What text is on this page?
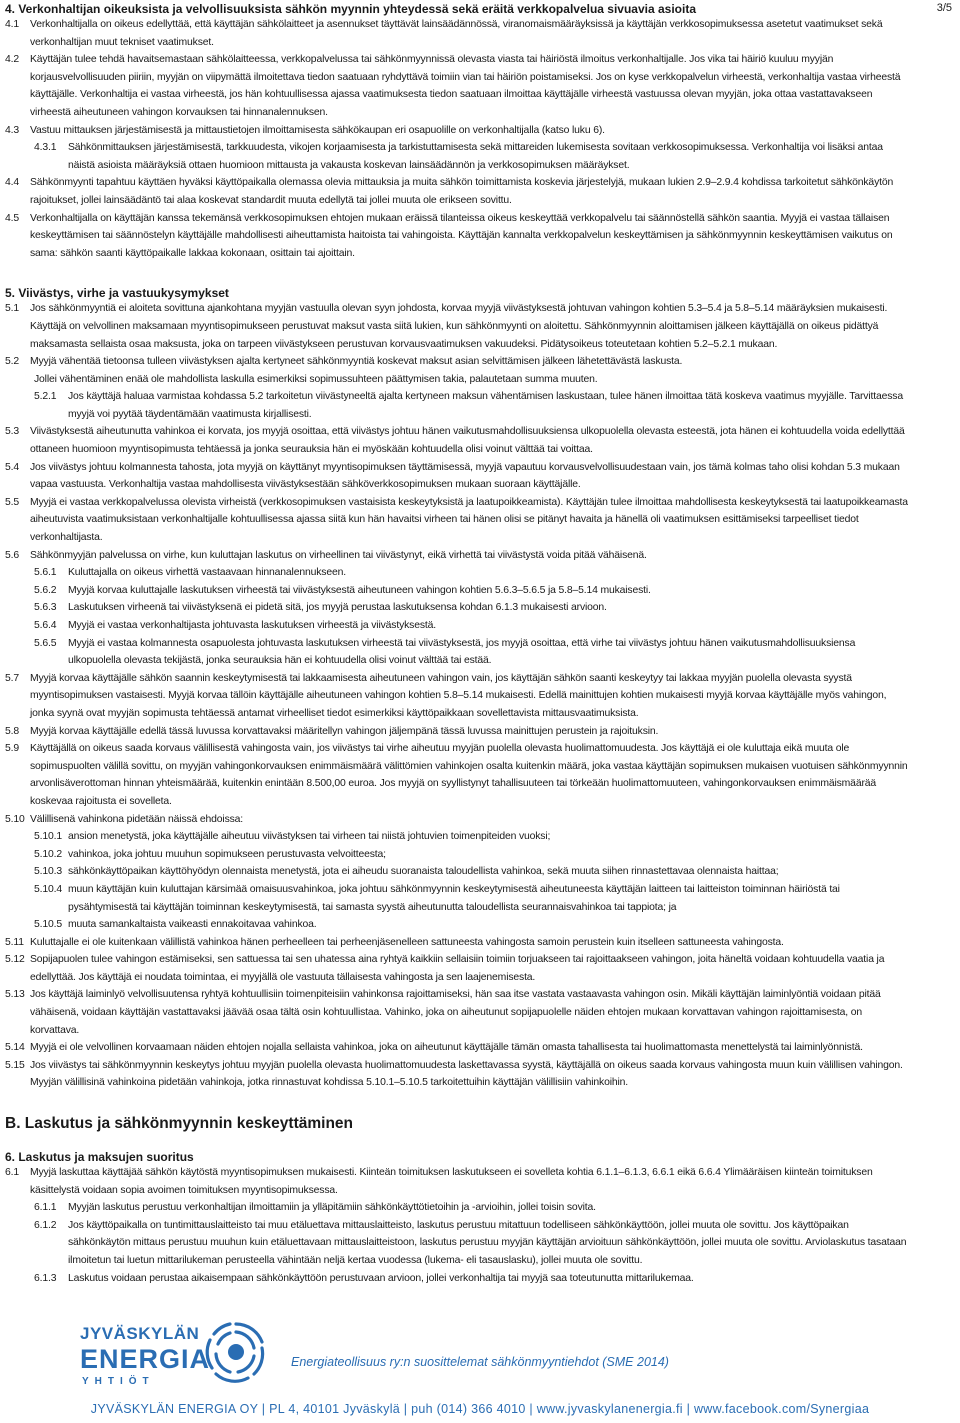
3/5
4. Verkonhaltijan oikeuksista ja velvollisuuksista sähkön myynnin yhteydessä sekä eräitä verkkopalvelua sivuavia asioita
4.1	Verkonhaltijalla on oikeus edellyttää, että käyttäjän sähkölaitteet ja asennukset täyttävät lainsäädännössä, viranomaismääräyksissä ja käyttäjän verkkosopimuksessa asetetut vaatimukset sekä verkonhaltijan muut tekniset vaatimukset.
4.2	Käyttäjän tulee tehdä havaitsemastaan sähkölaitteessa, verkkopalvelussa tai sähkönmyynnissä olevasta viasta tai häiriöstä ilmoitus verkonhaltijalle. Jos vika tai häiriö kuuluu myyjän korjausvelvollisuuden piiriin, myyjän on viipymättä ilmoitettava tiedon saatuaan ryhdyttävä toimiin vian tai häiriön poistamiseksi. Jos on kyse verkkopalvelun virheestä, verkonhaltija vastaa virheestä käyttäjälle. Verkonhaltija ei vastaa virheestä, jos hän kohtuullisessa ajassa vaatimuksesta tiedon saatuaan ilmoittaa käyttäjälle virheestä vastuussa olevan myyjän, joka ottaa vastattavakseen virheestä aiheutuneen vahingon korvauksen tai hinnanalennuksen.
4.3	Vastuu mittauksen järjestämisestä ja mittaustietojen ilmoittamisesta sähkökaupan eri osapuolille on verkonhaltijalla (katso luku 6).
4.3.1	Sähkönmittauksen järjestämisestä, tarkkuudesta, vikojen korjaamisesta ja tarkistuttamisesta sekä mittareiden lukemisesta sovitaan verkkosopimuksessa. Verkonhaltija voi lisäksi antaa näistä asioista määräyksiä ottaen huomioon mittausta ja vakausta koskevan lainsäädännön ja verkkosopimuksen määräykset.
4.4	Sähkönmyynti tapahtuu käyttäen hyväksi käyttöpaikalla olemassa olevia mittauksia ja muita sähkön toimittamista koskevia järjestelyjä, mukaan lukien 2.9–2.9.4 kohdissa tarkoitetut sähkönkäytön rajoitukset, jollei lainsäädäntö tai alaa koskevat standardit muuta edellytä tai jollei muuta ole erikseen sovittu.
4.5	Verkonhaltijalla on käyttäjän kanssa tekemänsä verkkosopimuksen ehtojen mukaan eräissä tilanteissa oikeus keskeyttää verkkopalvelu tai säännöstellä sähkön saantia. Myyjä ei vastaa tällaisen keskeyttämisen tai säännöstelyn käyttäjälle mahdollisesti aiheuttamista haitoista tai vahingoista. Käyttäjän kannalta verkkopalvelun keskeyttämisen ja sähkönmyynnin keskeyttämisen vaikutus on sama: sähkön saanti käyttöpaikalle lakkaa kokonaan, osittain tai ajoittain.
5. Viivästys, virhe ja vastuukysymykset
5.1	Jos sähkönmyyntiä ei aloiteta sovittuna ajankohtana myyjän vastuulla olevan syyn johdosta, korvaa myyjä viivästyksestä johtuvan vahingon kohtien 5.3–5.4 ja 5.8–5.14 määräyksien mukaisesti. Käyttäjä on velvollinen maksamaan myyntisopimukseen perustuvat maksut vasta siitä lukien, kun sähkönmyynti on aloitettu. Sähkönmyynnin aloittamisen jälkeen käyttäjällä on oikeus pidättyä maksamasta sellaista osaa maksusta, joka on tarpeen viivästykseen perustuvan korvausvaatimuksen vakuudeksi. Pidätysoikeus toteutetaan kohtien 5.2–5.2.1 mukaan.
5.2	Myyjä vähentää tietoonsa tulleen viivästyksen ajalta kertyneet sähkönmyyntiä koskevat maksut asian selvittämisen jälkeen lähetettävästä laskusta.
Jollei vähentäminen enää ole mahdollista laskulla esimerkiksi sopimussuhteen päättymisen takia, palautetaan summa muuten.
5.2.1	Jos käyttäjä haluaa varmistaa kohdassa 5.2 tarkoitetun viivästyneeltä ajalta kertyneen maksun vähentämisen laskustaan, tulee hänen ilmoittaa tätä koskeva vaatimus myyjälle. Tarvittaessa myyjä voi pyytää täydentämään vaatimusta kirjallisesti.
5.3	Viivästyksestä aiheutunutta vahinkoa ei korvata, jos myyjä osoittaa, että viivästys johtuu hänen vaikutusmahdollisuuksiensa ulkopuolella olevasta esteestä, jota hänen ei kohtuudella voida edellyttää ottaneen huomioon myyntisopimusta tehtäessä ja jonka seurauksia hän ei myöskään kohtuudella olisi voinut välttää tai voittaa.
5.4	Jos viivästys johtuu kolmannesta tahosta, jota myyjä on käyttänyt myyntisopimuksen täyttämisessä, myyjä vapautuu korvausvelvollisuudestaan vain, jos tämä kolmas taho olisi kohdan 5.3 mukaan vapaa vastuusta. Verkonhaltija vastaa mahdollisesta viivästyksestään sähköverkkosopimuksen mukaan suoraan käyttäjälle.
5.5	Myyjä ei vastaa verkkopalvelussa olevista virheistä (verkkosopimuksen vastaisista keskeytyksistä ja laatupoikkeamista). Käyttäjän tulee ilmoittaa mahdollisesta keskeytyksestä tai laatupoikkeamasta aiheutuvista vaatimuksistaan verkonhaltijalle kohtuullisessa ajassa siitä kun hän havaitsi virheen tai hänen olisi se pitänyt havaita ja hänellä oli vaatimuksen esittämiseksi tarpeelliset tiedot verkonhaltijasta.
5.6	Sähkönmyyjän palvelussa on virhe, kun kuluttajan laskutus on virheellinen tai viivästynyt, eikä virhettä tai viivästystä voida pitää vähäisenä.
5.6.1	Kuluttajalla on oikeus virhettä vastaavaan hinnanalennukseen.
5.6.2	Myyjä korvaa kuluttajalle laskutuksen virheestä tai viivästyksestä aiheutuneen vahingon kohtien 5.6.3–5.6.5 ja 5.8–5.14 mukaisesti.
5.6.3	Laskutuksen virheenä tai viivästyksenä ei pidetä sitä, jos myyjä perustaa laskutuksensa kohdan 6.1.3 mukaisesti arvioon.
5.6.4	Myyjä ei vastaa verkonhaltijasta johtuvasta laskutuksen virheestä ja viivästyksestä.
5.6.5	Myyjä ei vastaa kolmannesta osapuolesta johtuvasta laskutuksen virheestä tai viivästyksestä, jos myyjä osoittaa, että virhe tai viivästys johtuu hänen vaikutusmahdollisuuksiensa ulkopuolella olevasta tekijästä, jonka seurauksia hän ei kohtuudella olisi voinut välttää tai estää.
5.7	Myyjä korvaa käyttäjälle sähkön saannin keskeytymisestä tai lakkaamisesta aiheutuneen vahingon vain, jos käyttäjän sähkön saanti keskeytyy tai lakkaa myyjän puolella olevasta syystä myyntisopimuksen vastaisesti. Myyjä korvaa tällöin käyttäjälle aiheutuneen vahingon kohtien 5.8–5.14 mukaisesti. Edellä mainittujen kohtien mukaisesti myyjä korvaa käyttäjälle myös vahingon, jonka syynä ovat myyjän sopimusta tehtäessä antamat virheelliset tiedot esimerkiksi käyttöpaikkaan sovellettavista mittausvaatimuksista.
5.8	Myyjä korvaa käyttäjälle edellä tässä luvussa korvattavaksi määritellyn vahingon jäljempänä tässä luvussa mainittujen perustein ja rajoituksin.
5.9	Käyttäjällä on oikeus saada korvaus välillisestä vahingosta vain, jos viivästys tai virhe aiheutuu myyjän puolella olevasta huolimattomuudesta. Jos käyttäjä ei ole kuluttaja eikä muuta ole sopimuspuolten välillä sovittu, on myyjän vahingonkorvauksen enimmäismäärä välittömien vahinkojen osalta kuitenkin määrä, joka vastaa käyttäjän sopimuksen mukaisen vuotuisen sähkönmyynnin arvonlisäverottoman hinnan yhteismäärää, kuitenkin enintään 8.500,00 euroa. Jos myyjä on syyllistynyt tahallisuuteen tai törkeään huolimattomuuteen, vahingonkorvauksen enimmäismäärää koskevaa rajoitusta ei sovelleta.
5.10 Välillisenä vahinkona pidetään näissä ehdoissa:
5.10.1 ansion menetystä, joka käyttäjälle aiheutuu viivästyksen tai virheen tai niistä johtuvien toimenpiteiden vuoksi;
5.10.2 vahinkoa, joka johtuu muuhun sopimukseen perustuvasta velvoitteesta;
5.10.3 sähkönkäyttöpaikan käyttöhyödyn olennaista menetystä, jota ei aiheudu suoranaista taloudellista vahinkoa, sekä muuta siihen rinnastettavaa olennaista haittaa;
5.10.4 muun käyttäjän kuin kuluttajan kärsimää omaisuusvahinkoa, joka johtuu sähkönmyynnin keskeytymisestä aiheutuneesta käyttäjän laitteen tai laitteiston toiminnan häiriöstä tai pysähtymisestä tai käyttäjän toiminnan keskeytymisestä, tai samasta syystä aiheutunutta taloudellista seurannaisvahinkoa tai tappiota; ja
5.10.5 muuta samankaltaista vaikeasti ennakoitavaa vahinkoa.
5.11 Kuluttajalle ei ole kuitenkaan välillistä vahinkoa hänen perheelleen tai perheenjäsenelleen sattuneesta vahingosta samoin perustein kuin itselleen sattuneesta vahingosta.
5.12 Sopijapuolen tulee vahingon estämiseksi, sen sattuessa tai sen uhatessa aina ryhtyä kaikkiin sellaisiin toimiin torjuakseen tai rajoittaakseen vahingon, joita häneltä voidaan kohtuudella vaatia ja edellyttää. Jos käyttäjä ei noudata toimintaa, ei myyjällä ole vastuuta tällaisesta vahingosta ja sen laajenemisesta.
5.13 Jos käyttäjä laiminlyö velvollisuutensa ryhtyä kohtuullisiin toimenpiteisiin vahinkonsa rajoittamiseksi, hän saa itse vastata vastaavasta vahingon osin. Mikäli käyttäjän laiminlyöntiä voidaan pitää vähäisenä, voidaan käyttäjän vastattavaksi jäävää osaa tältä osin kohtuullistaa. Vahinko, joka on aiheutunut sopijapuolelle näiden ehtojen mukaan korvattavan vahingon rajoittamisesta, on korvattava.
5.14 Myyjä ei ole velvollinen korvaamaan näiden ehtojen nojalla sellaista vahinkoa, joka on aiheutunut käyttäjälle tämän omasta tahallisesta tai huolimattomasta menettelystä tai laiminlyönnistä.
5.15 Jos viivästys tai sähkönmyynnin keskeytys johtuu myyjän puolella olevasta huolimattomuudesta laskettavassa syystä, käyttäjällä on oikeus saada korvaus vahingosta muun kuin välillisen vahingon. Myyjän välillisinä vahinkoina pidetään vahinkoja, jotka rinnastuvat kohdissa 5.10.1–5.10.5 tarkoitettuihin käyttäjän välillisiin vahinkoihin.
B. Laskutus ja sähkönmyynnin keskeyttäminen
6. Laskutus ja maksujen suoritus
6.1	Myyjä laskuttaa käyttäjää sähkön käytöstä myyntisopimuksen mukaisesti. Kiinteän toimituksen laskutukseen ei sovelleta kohtia 6.1.1–6.1.3, 6.6.1 eikä 6.6.4 Ylimääräisen kiinteän toimituksen käsittelystä voidaan sopia avoimen toimituksen myyntisopimuksessa.
6.1.1	Myyjän laskutus perustuu verkonhaltijan ilmoittamiin ja ylläpitämiin sähkönkäyttötietoihin ja -arvioihin, jollei toisin sovita.
6.1.2	Jos käyttöpaikalla on tuntimittauslaitteisto tai muu etäluettava mittauslaitteisto, laskutus perustuu mitattuun todelliseen sähkönkäyttöön, jollei muuta ole sovittu. Jos käyttöpaikan sähkönkäytön mittaus perustuu muuhun kuin etäluettavaan mittauslaitteistoon, laskutus perustuu myyjän käyttäjän arvioituun sähkönkäyttöön, jollei muuta ole sovittu. Arviolaskutus tasataan ilmoitetun tai luetun mittarilukeman perusteella vähintään neljä kertaa vuodessa (lukema- eli tasauslasku), jollei muuta ole sovittu.
6.1.3	Laskutus voidaan perustaa aikaisempaan sähkönkäyttöön perustuvaan arvioon, jollei verkonhaltija tai myyjä saa toteutunutta mittarilukemaa.
JYVÄSKYLÄN
ENERGIA
YHTIÖT
Energiateollisuus ry:n suosittelemat sähkönmyyntiehdot (SME 2014)
JYVÄSKYLÄN ENERGIA OY | PL 4, 40101 Jyväskylä | puh (014) 366 4010 | www.jyvaskylanenergia.fi | www.facebook.com/Synergiaa
